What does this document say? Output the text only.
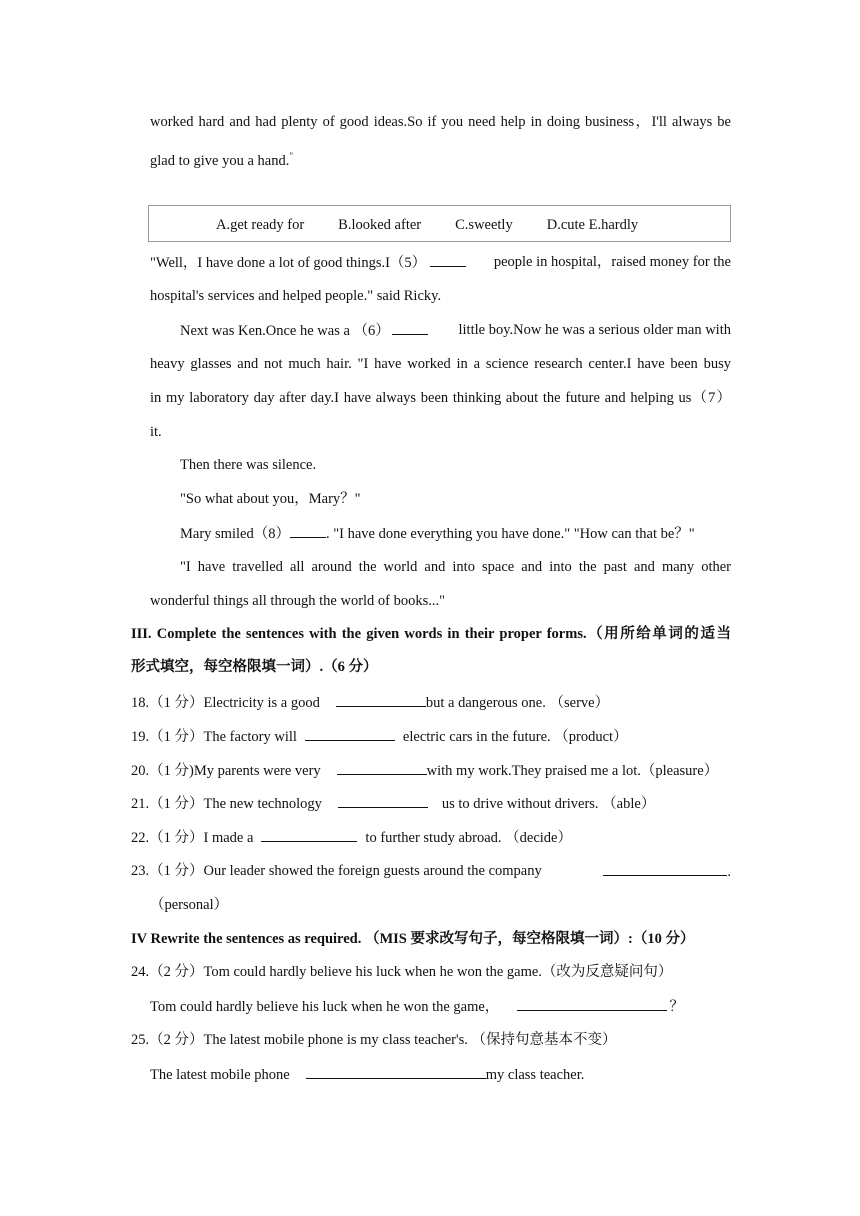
worked hard and had plenty of good ideas.So if you need help in doing business，I'll always be
glad to give you a hand."
A.get ready for B.looked after C.sweetly D.cute E.hardly
"Well，I have done a lot of good things.I（5）	people in hospital，raised money for the
hospital's services and helped people." said Ricky.
Next was Ken.Once he was a （6）	little boy.Now he was a serious older man with
heavy glasses and not much hair. "I have worked in a science research center.I have been busy
in my laboratory day after day.I have always been thinking about the future and helping us（7）
it.
Then there was silence.
"So what about you，Mary？"
Mary smiled（8） . "I have done everything you have done." "How can that be？"
"I have travelled all around the world and into space and into the past and many other
wonderful things all through the world of books..."
III. Complete the sentences with the given words in their proper forms.（用所给单词的适当
形式填空，每空格限填一词）.（6 分）
18.（1 分）Electricity is a good	but a dangerous one. （serve）
19.（1 分）The factory will	electric cars in the future. （product）
20.（1 分)My parents were very	with my work.They praised me a lot.（pleasure）
21.（1 分）The new technology	us to drive without drivers. （able）
22.（1 分）I made a	to further study abroad. （decide）
23.（1 分）Our leader showed the foreign guests around the company	.
（personal）
IV Rewrite the sentences as required. （MIS 要求改写句子，每空格限填一词）:（10 分）
24.（2 分）Tom could hardly believe his luck when he won the game.（改为反意疑问句）
Tom could hardly believe his luck when he won the game，	？
25.（2 分）The latest mobile phone is my class teacher's. （保持句意基本不变）
The latest mobile phone	my class teacher.
